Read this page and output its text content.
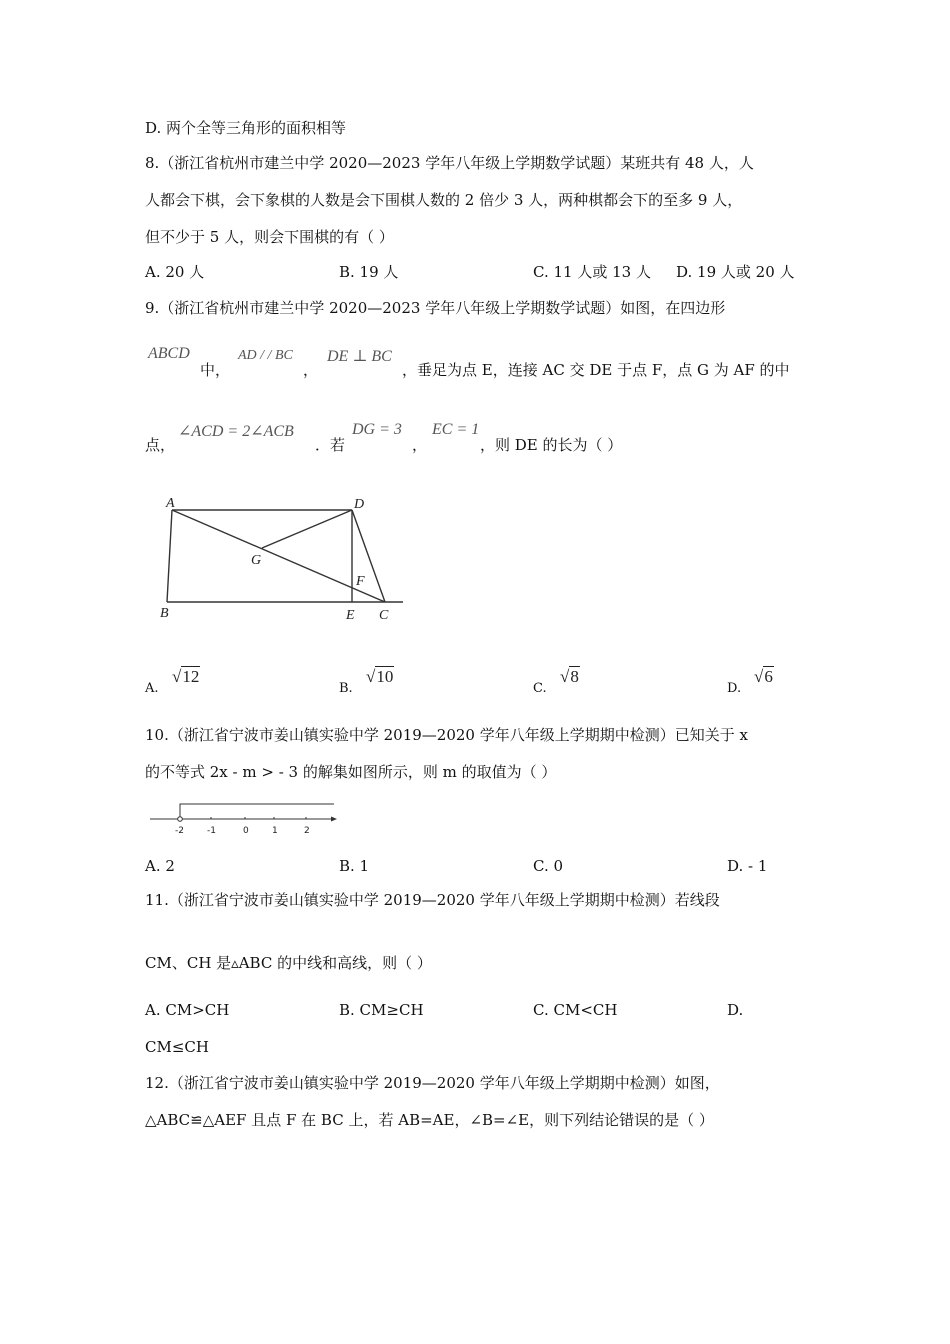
D. 两个全等三角形的面积相等
8.（浙江省杭州市建兰中学 2020—2023 学年八年级上学期数学试题）某班共有 48 人，人
人都会下棋，会下象棋的人数是会下围棋人数的 2 倍少 3 人，两种棋都会下的至多 9 人，
但不少于 5 人，则会下围棋的有（ ）
A. 20 人	B. 19 人	C. 11 人或 13 人 D. 19 人或 20 人
9.（浙江省杭州市建兰中学 2020—2023 学年八年级上学期数学试题）如图，在四边形
ABCD
中，
AD / / BC
，
DE ⊥ BC
，垂足为点 E，连接 AC 交 DE 于点 F，点 G 为 AF 的中
点，
∠ACD = 2∠ACB
．若
DG = 3
，
EC = 1
，则 DE 的长为（ ）
A	D
G
F
B	E C
A.
√12
B.
√10
C.
√8
D.
√6
10.（浙江省宁波市姜山镇实验中学 2019—2020 学年八年级上学期期中检测）已知关于 x
的不等式 2x - m > - 3 的解集如图所示，则 m 的取值为（ ）
-2	-1	0	1	2
A. 2	B. 1	C. 0	D. - 1
11.（浙江省宁波市姜山镇实验中学 2019—2020 学年八年级上学期期中检测）若线段
CM、CH 是▵ABC 的中线和高线，则（ ）
A. CM>CH	B. CM≥CH	C. CM<CH	D.
CM≤CH
12.（浙江省宁波市姜山镇实验中学 2019—2020 学年八年级上学期期中检测）如图，
△ABC≌△AEF 且点 F 在 BC 上，若 AB=AE，∠B=∠E，则下列结论错误的是（ ）
